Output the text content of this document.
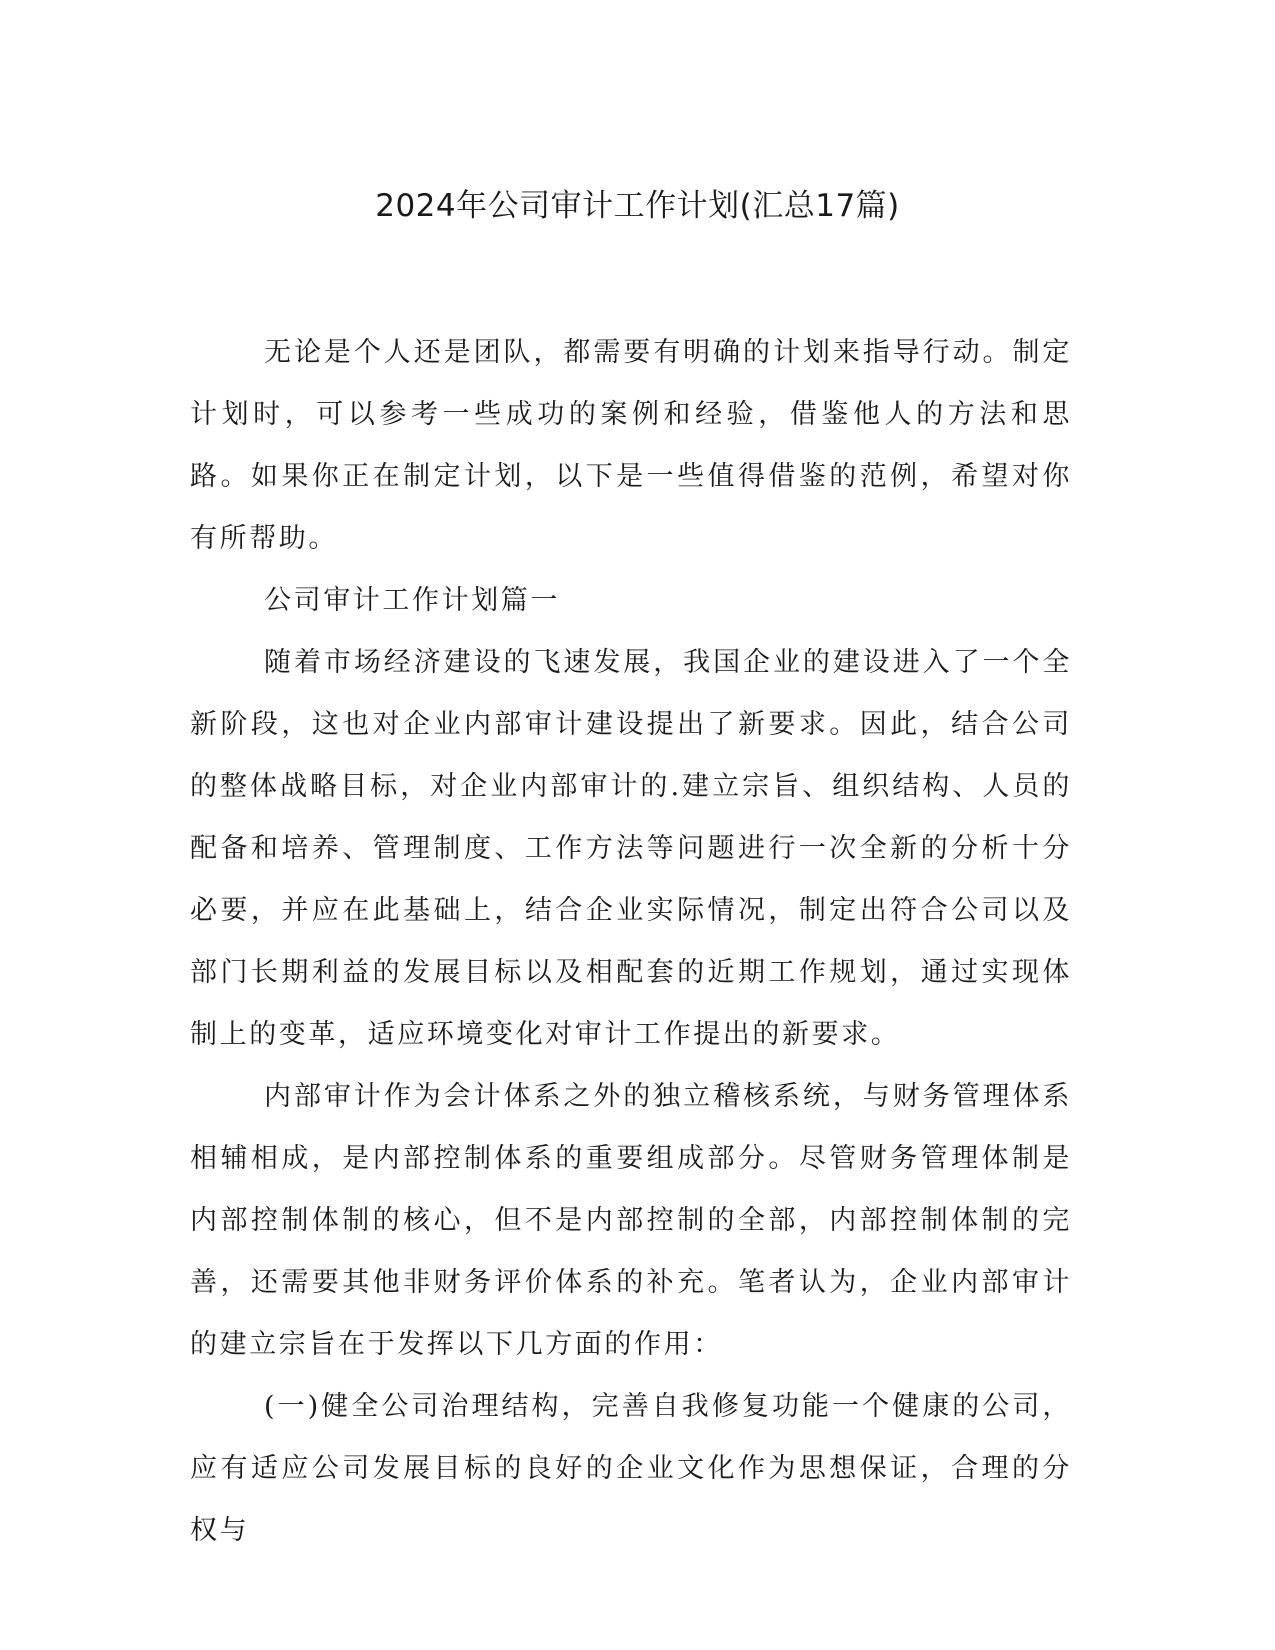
2024年公司审计工作计划(汇总17篇)

无论是个人还是团队，都需要有明确的计划来指导行动。制定计划时，可以参考一些成功的案例和经验，借鉴他人的方法和思路。如果你正在制定计划，以下是一些值得借鉴的范例，希望对你有所帮助。

公司审计工作计划篇一

随着市场经济建设的飞速发展，我国企业的建设进入了一个全新阶段，这也对企业内部审计建设提出了新要求。因此，结合公司的整体战略目标，对企业内部审计的.建立宗旨、组织结构、人员的配备和培养、管理制度、工作方法等问题进行一次全新的分析十分必要，并应在此基础上，结合企业实际情况，制定出符合公司以及部门长期利益的发展目标以及相配套的近期工作规划，通过实现体制上的变革，适应环境变化对审计工作提出的新要求。

内部审计作为会计体系之外的独立稽核系统，与财务管理体系相辅相成，是内部控制体系的重要组成部分。尽管财务管理体制是内部控制体制的核心，但不是内部控制的全部，内部控制体制的完善，还需要其他非财务评价体系的补充。笔者认为，企业内部审计的建立宗旨在于发挥以下几方面的作用：

(一)健全公司治理结构，完善自我修复功能一个健康的公司，应有适应公司发展目标的良好的企业文化作为思想保证，合理的分权与
